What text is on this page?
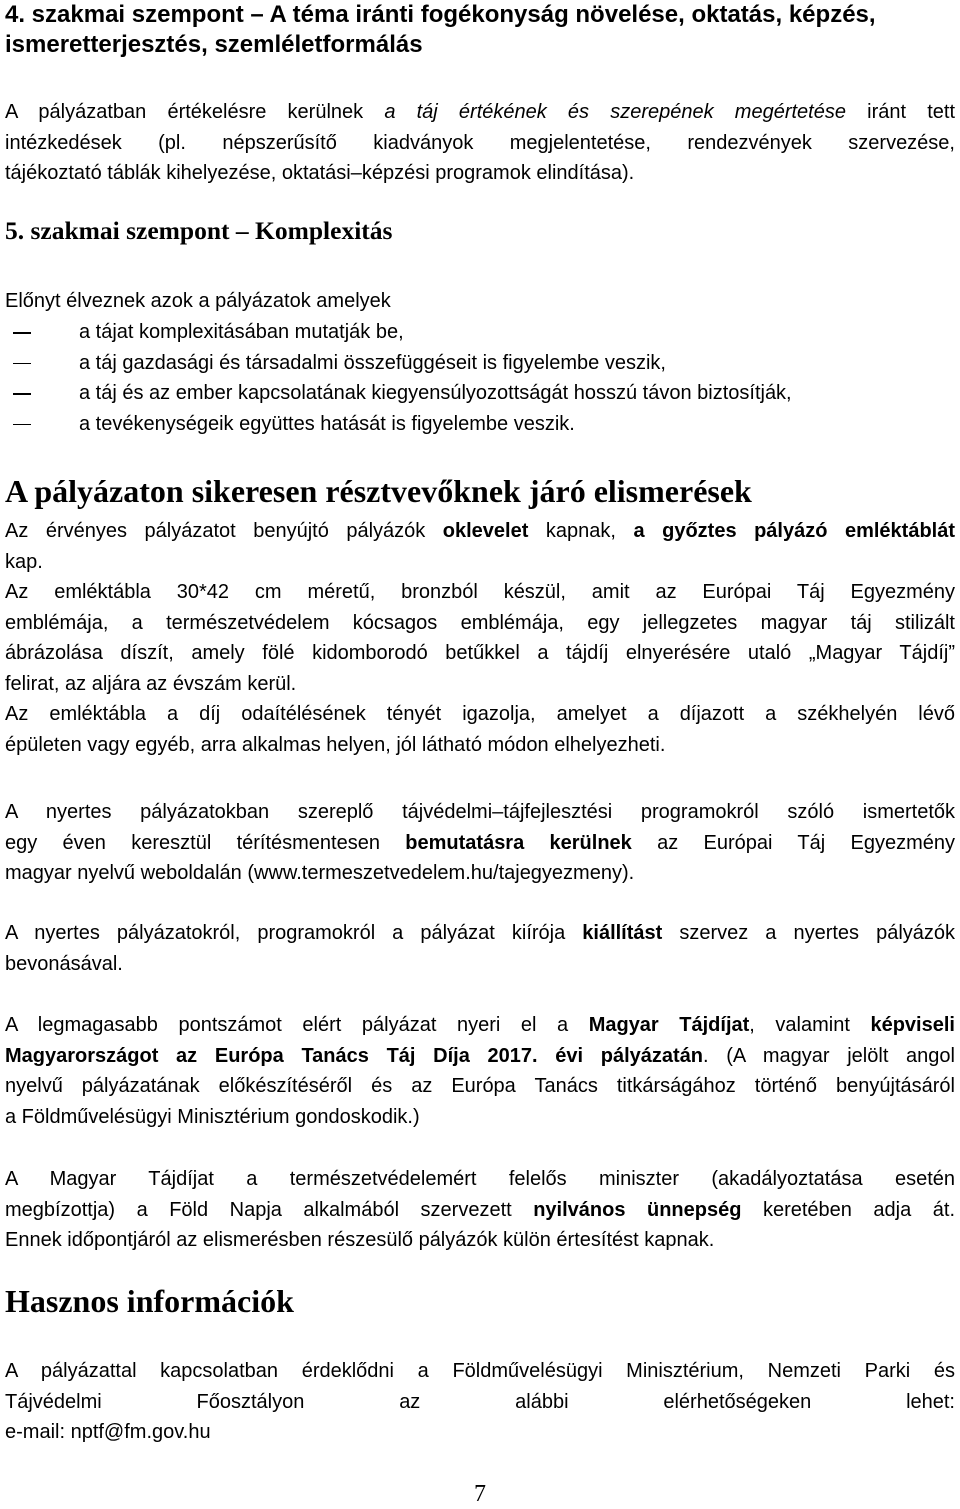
4. szakmai szempont – A téma iránti fogékonyság növelése, oktatás, képzés,
ismeretterjesztés, szemléletformálás
A pályázatban értékelésre kerülnek a táj értékének és szerepének megértetése iránt tett
intézkedések (pl. népszerűsítő kiadványok megjelentetése, rendezvények szervezése,
tájékoztató táblák kihelyezése, oktatási–képzési programok elindítása).
5. szakmai szempont – Komplexitás
Előnyt élveznek azok a pályázatok amelyek
a tájat komplexitásában mutatják be,
a táj gazdasági és társadalmi összefüggéseit is figyelembe veszik,
a táj és az ember kapcsolatának kiegyensúlyozottságát hosszú távon biztosítják,
a tevékenységeik együttes hatását is figyelembe veszik.
A pályázaton sikeresen résztvevőknek járó elismerések
Az érvényes pályázatot benyújtó pályázók oklevelet kapnak, a győztes pályázó emléktáblát
kap.
Az emléktábla 30*42 cm méretű, bronzból készül, amit az Európai Táj Egyezmény
emblémája, a természetvédelem kócsagos emblémája, egy jellegzetes magyar táj stilizált
ábrázolása díszít, amely fölé kidomborodó betűkkel a tájdíj elnyerésére utaló „Magyar Tájdíj”
felirat, az aljára az évszám kerül.
Az emléktábla a díj odaítélésének tényét igazolja, amelyet a díjazott a székhelyén lévő
épületen vagy egyéb, arra alkalmas helyen, jól látható módon elhelyezheti.
A nyertes pályázatokban szereplő tájvédelmi–tájfejlesztési programokról szóló ismertetők
egy éven keresztül térítésmentesen bemutatásra kerülnek az Európai Táj Egyezmény
magyar nyelvű weboldalán (www.termeszetvedelem.hu/tajegyezmeny).
A nyertes pályázatokról, programokról a pályázat kiírója kiállítást szervez a nyertes pályázók
bevonásával.
A legmagasabb pontszámot elért pályázat nyeri el a Magyar Tájdíjat, valamint képviseli
Magyarországot az Európa Tanács Táj Díja 2017. évi pályázatán. (A magyar jelölt angol
nyelvű pályázatának előkészítéséről és az Európa Tanács titkárságához történő benyújtásáról
a Földművelésügyi Minisztérium gondoskodik.)
A Magyar Tájdíjat a természetvédelemért felelős miniszter (akadályoztatása esetén
megbízottja) a Föld Napja alkalmából szervezett nyilvános ünnepség keretében adja át.
Ennek időpontjáról az elismerésben részesülő pályázók külön értesítést kapnak.
Hasznos információk
A pályázattal kapcsolatban érdeklődni a Földművelésügyi Minisztérium, Nemzeti Parki és
Tájvédelmi Főosztályon az alábbi elérhetőségeken lehet:
e-mail: nptf@fm.gov.hu
7
